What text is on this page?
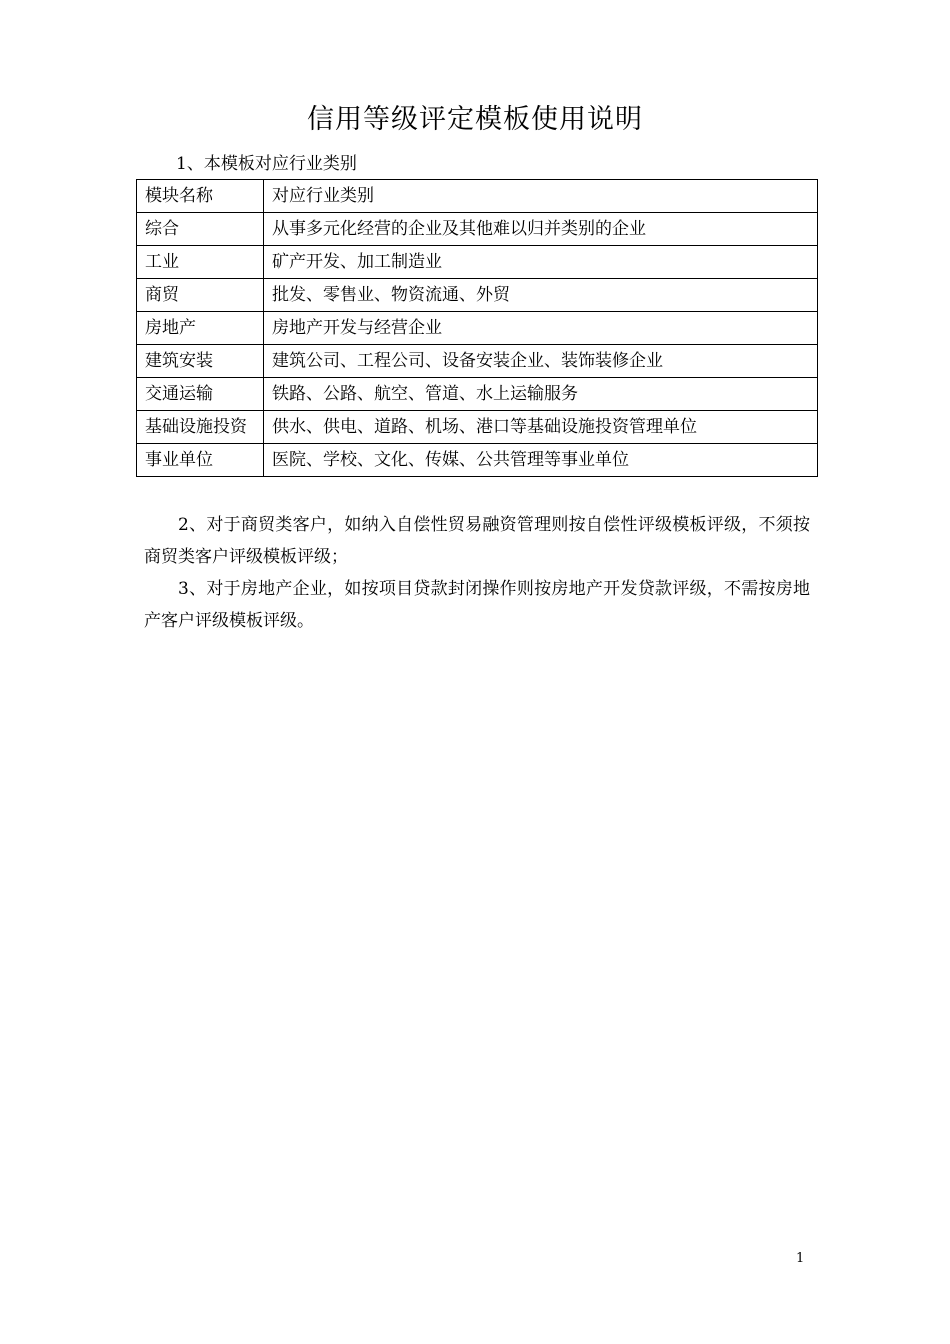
信用等级评定模板使用说明
1、本模板对应行业类别
模块名称	对应行业类别
综合	从事多元化经营的企业及其他难以归并类别的企业
工业	矿产开发、加工制造业
商贸	批发、零售业、物资流通、外贸
房地产	房地产开发与经营企业
建筑安装	建筑公司、工程公司、设备安装企业、装饰装修企业
交通运输	铁路、公路、航空、管道、水上运输服务
基础设施投资	供水、供电、道路、机场、港口等基础设施投资管理单位
事业单位	医院、学校、文化、传媒、公共管理等事业单位

2、对于商贸类客户，如纳入自偿性贸易融资管理则按自偿性评级模板评级，不须按商贸类客户评级模板评级；

3、对于房地产企业，如按项目贷款封闭操作则按房地产开发贷款评级，不需按房地产客户评级模板评级。

1
